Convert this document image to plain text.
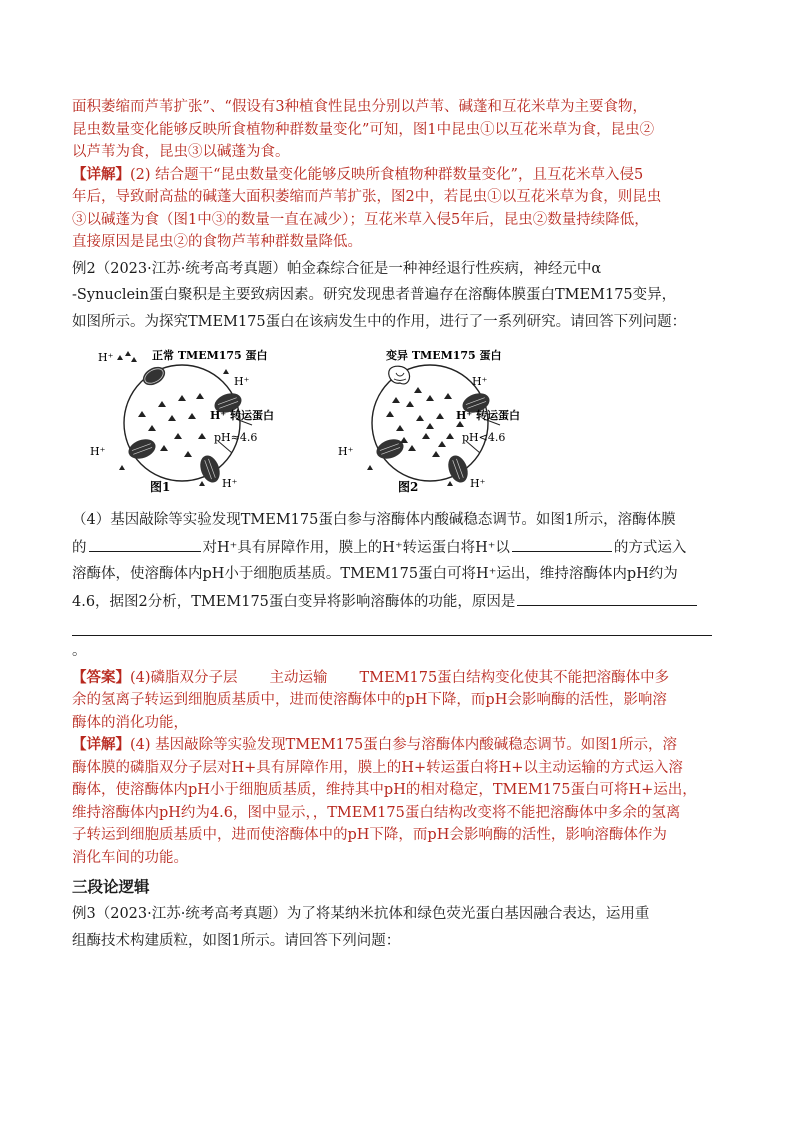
面积萎缩而芦苇扩张”、“假设有3种植食性昆虫分别以芦苇、碱蓬和互花米草为主要食物，

昆虫数量变化能够反映所食植物种群数量变化”可知，图1中昆虫①以互花米草为食，昆虫②

以芦苇为食，昆虫③以碱蓬为食。

【详解】(2) 结合题干“昆虫数量变化能够反映所食植物种群数量变化”，且互花米草入侵5

年后，导致耐高盐的碱蓬大面积萎缩而芦苇扩张，图2中，若昆虫①以互花米草为食，则昆虫

③以碱蓬为食（图1中③的数量一直在减少）；互花米草入侵5年后，昆虫②数量持续降低，

直接原因是昆虫②的食物芦苇种群数量降低。

例2（2023·江苏·统考高考真题）帕金森综合征是一种神经退行性疾病，神经元中α

-Synuclein蛋白聚积是主要致病因素。研究发现患者普遍存在溶酶体膜蛋白TMEM175变异，

如图所示。为探究TMEM175蛋白在该病发生中的作用，进行了一系列研究。请回答下列问题：

H⁺	正常 TMEM175 蛋白
H⁺
H⁺ 转运蛋白
pH≈4.6
H⁺
H⁺
图1
变异 TMEM175 蛋白
H⁺
H⁺ 转运蛋白
pH<4.6
H⁺
H⁺
图2

（4）基因敲除等实验发现TMEM175蛋白参与溶酶体内酸碱稳态调节。如图1所示，溶酶体膜

的	对H⁺具有屏障作用，膜上的H⁺转运蛋白将H⁺以	的方式运入

溶酶体，使溶酶体内pH小于细胞质基质。TMEM175蛋白可将H⁺运出，维持溶酶体内pH约为

4.6，据图2分析，TMEM175蛋白变异将影响溶酶体的功能，原因是

。

【答案】(4)磷脂双分子层 主动运输 TMEM175蛋白结构变化使其不能把溶酶体中多

余的氢离子转运到细胞质基质中，进而使溶酶体中的pH下降，而pH会影响酶的活性，影响溶

酶体的消化功能，

【详解】(4) 基因敲除等实验发现TMEM175蛋白参与溶酶体内酸碱稳态调节。如图1所示，溶

酶体膜的磷脂双分子层对H+具有屏障作用，膜上的H+转运蛋白将H+以主动运输的方式运入溶

酶体，使溶酶体内pH小于细胞质基质，维持其中pH的相对稳定，TMEM175蛋白可将H+运出，

维持溶酶体内pH约为4.6，图中显示，，TMEM175蛋白结构改变将不能把溶酶体中多余的氢离

子转运到细胞质基质中，进而使溶酶体中的pH下降，而pH会影响酶的活性，影响溶酶体作为

消化车间的功能。

三段论逻辑

例3（2023·江苏·统考高考真题）为了将某纳米抗体和绿色荧光蛋白基因融合表达，运用重

组酶技术构建质粒，如图1所示。请回答下列问题：
